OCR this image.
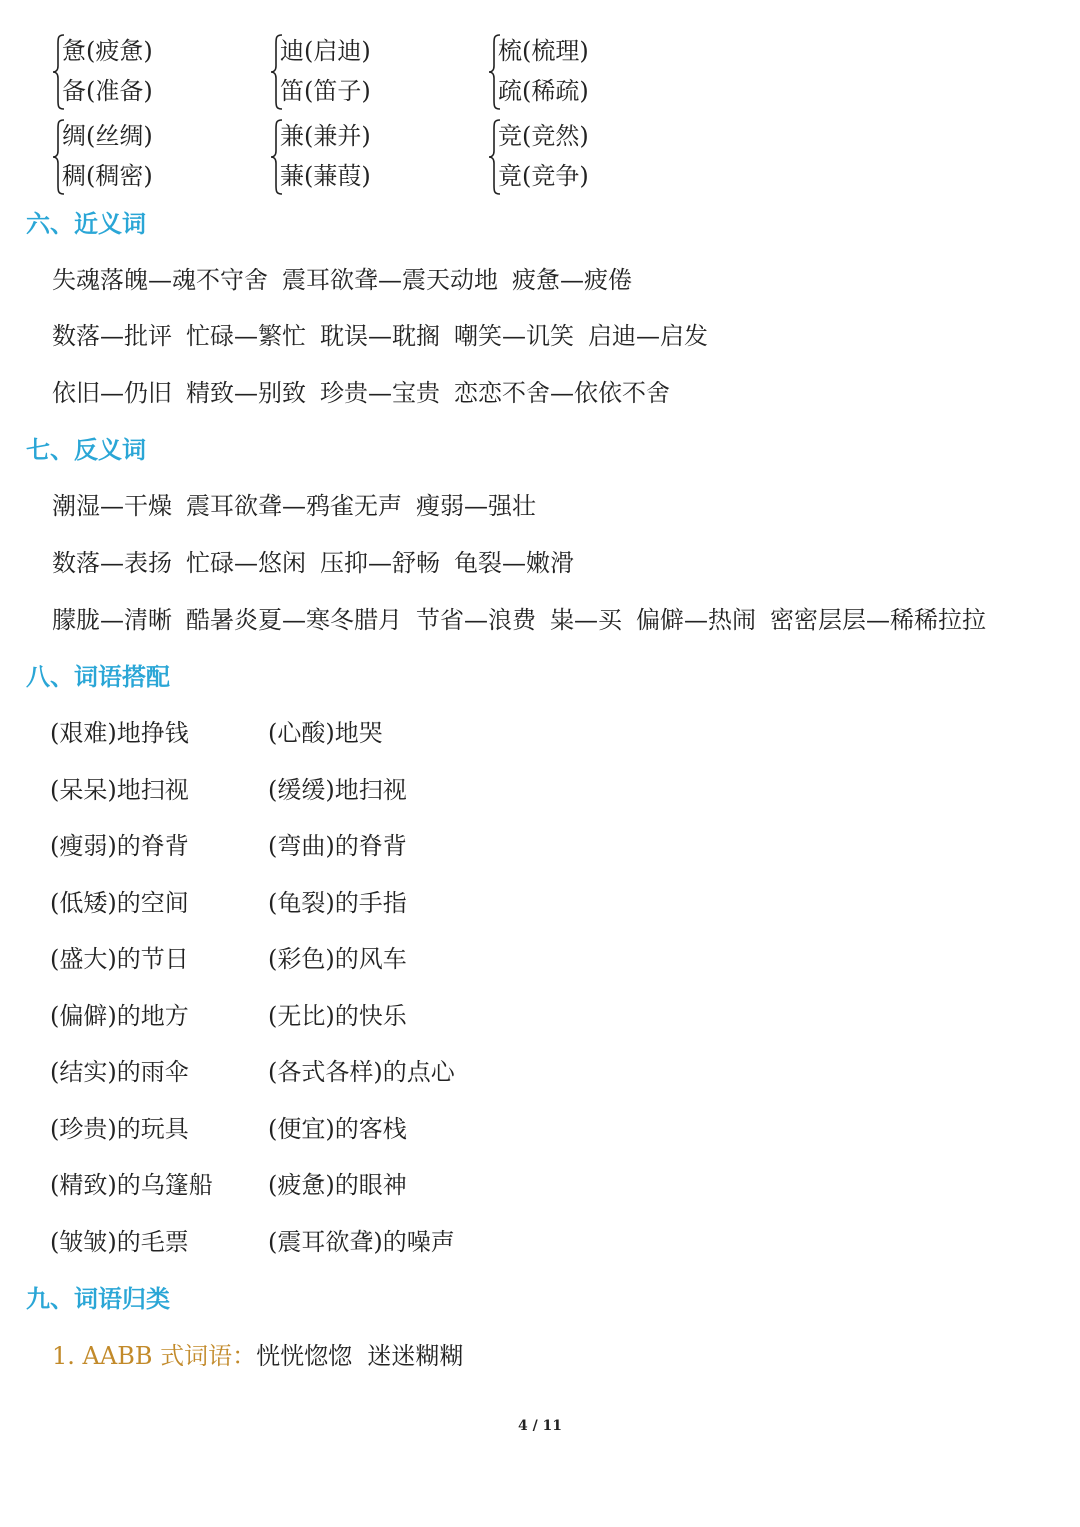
惫(疲惫)
备(准备)
迪(启迪)
笛(笛子)
梳(梳理)
疏(稀疏)
绸(丝绸)
稠(稠密)
兼(兼并)
蒹(蒹葭)
竞(竞然)
竟(竞争)
六、近义词
失魂落魄—魂不守舍 震耳欲聋—震天动地 疲惫—疲倦
数落—批评 忙碌—繁忙 耽误—耽搁 嘲笑—讥笑 启迪—启发
依旧—仍旧 精致—别致 珍贵—宝贵 恋恋不舍—依依不舍
七、反义词
潮湿—干燥 震耳欲聋—鸦雀无声 瘦弱—强壮
数落—表扬 忙碌—悠闲 压抑—舒畅 龟裂—嫩滑
朦胧—清晰 酷暑炎夏—寒冬腊月 节省—浪费 粜—买 偏僻—热闹 密密层层—稀稀拉拉
八、词语搭配
(艰难)地挣钱	(心酸)地哭
(呆呆)地扫视	(缓缓)地扫视
(瘦弱)的脊背	(弯曲)的脊背
(低矮)的空间	(龟裂)的手指
(盛大)的节日	(彩色)的风车
(偏僻)的地方	(无比)的快乐
(结实)的雨伞	(各式各样)的点心
(珍贵)的玩具	(便宜)的客栈
(精致)的乌篷船 (疲惫)的眼神
(皱皱)的毛票	(震耳欲聋)的噪声
九、词语归类
1. AABB 式词语：恍恍惚惚  迷迷糊糊
4 / 11
